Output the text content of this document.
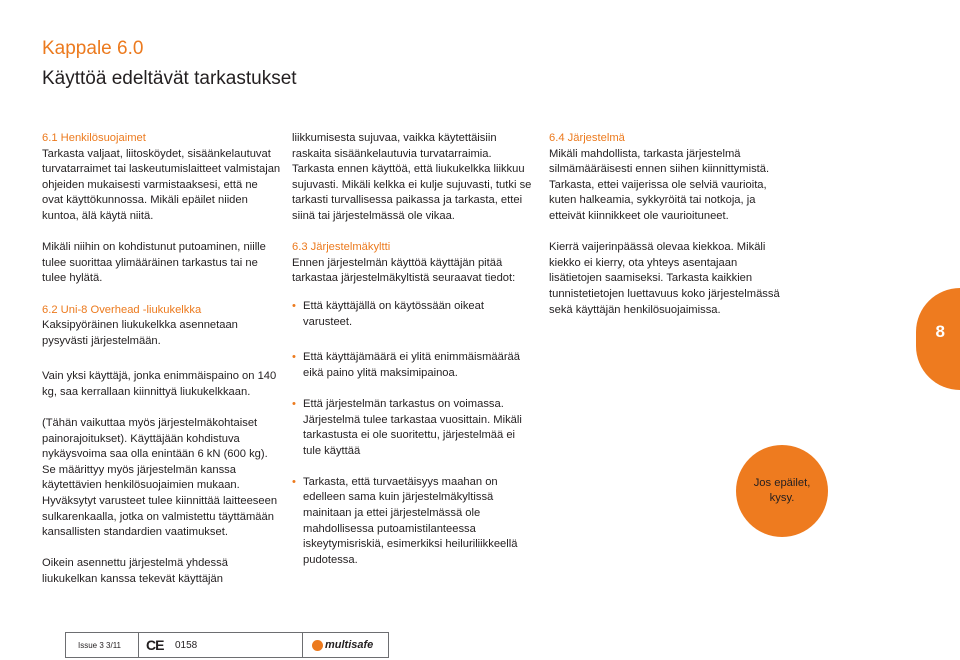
Kappale 6.0
Käyttöä edeltävät tarkastukset

6.1 Henkilösuojaimet

Tarkasta valjaat, liitosköydet, sisäänkelautuvat turvatarraimet tai laskeutumislaitteet valmistajan ohjeiden mukaisesti varmistaaksesi, että ne ovat käyttökunnossa. Mikäli epäilet niiden kuntoa, älä käytä niitä.

Mikäli niihin on kohdistunut putoaminen, niille tulee suorittaa ylimääräinen tarkastus tai ne tulee hylätä.

6.2 Uni-8 Overhead -liukukelkka

Kaksipyöräinen liukukelkka asennetaan pysyvästi järjestelmään.

Vain yksi käyttäjä, jonka enimmäispaino on 140 kg, saa kerrallaan kiinnittyä liukukelkkaan.

(Tähän vaikuttaa myös järjestelmäkohtaiset painorajoitukset). Käyttäjään kohdistuva nykäysvoima saa olla enintään 6 kN (600 kg). Se määrittyy myös järjestelmän kanssa käytettävien henkilösuojaimien mukaan. Hyväksytyt varusteet tulee kiinnittää laitteeseen sulkarenkaalla, jotka on valmistettu täyttämään kansallisten standardien vaatimukset.

Oikein asennettu järjestelmä yhdessä liukukelkan kanssa tekevät käyttäjän

liikkumisesta sujuvaa, vaikka käytettäisiin raskaita sisäänkelautuvia turvatarraimia. Tarkasta ennen käyttöä, että liukukelkka liikkuu sujuvasti. Mikäli kelkka ei kulje sujuvasti, tutki se tarkasti turvallisessa paikassa ja tarkasta, ettei siinä tai järjestelmässä ole vikaa.

6.3 Järjestelmäkyltti

Ennen järjestelmän käyttöä käyttäjän pitää tarkastaa järjestelmäkyltistä seuraavat tiedot:

• Että käyttäjällä on käytössään oikeat varusteet.

• Että käyttäjämäärä ei ylitä enimmäismäärää eikä paino ylitä maksimipainoa.

• Että järjestelmän tarkastus on voimassa. Järjestelmä tulee tarkastaa vuosittain. Mikäli tarkastusta ei ole suoritettu, järjestelmää ei tule käyttää

• Tarkasta, että turvaetäisyys maahan on edelleen sama kuin järjestelmäkyltissä mainitaan ja ettei järjestelmässä ole mahdollisessa putoamistilanteessa iskeytymisriskiä, esimerkiksi heiluriliikkeellä pudotessa.

6.4 Järjestelmä

Mikäli mahdollista, tarkasta järjestelmä silmämääräisesti ennen siihen kiinnittymistä. Tarkasta, ettei vaijerissa ole selviä vaurioita, kuten halkeamia, sykkyröitä tai notkoja, ja etteivät kiinnikkeet ole vaurioituneet.

Kierrä vaijerinpäässä olevaa kiekkoa. Mikäli kiekko ei kierry, ota yhteys asentajaan lisätietojen saamiseksi. Tarkasta kaikkien tunnistetietojen luettavuus koko järjestelmässä sekä käyttäjän henkilösuojaimissa.

8
Jos epäilet, kysy.
Issue 3 3/11 CE 0158	multisafe
